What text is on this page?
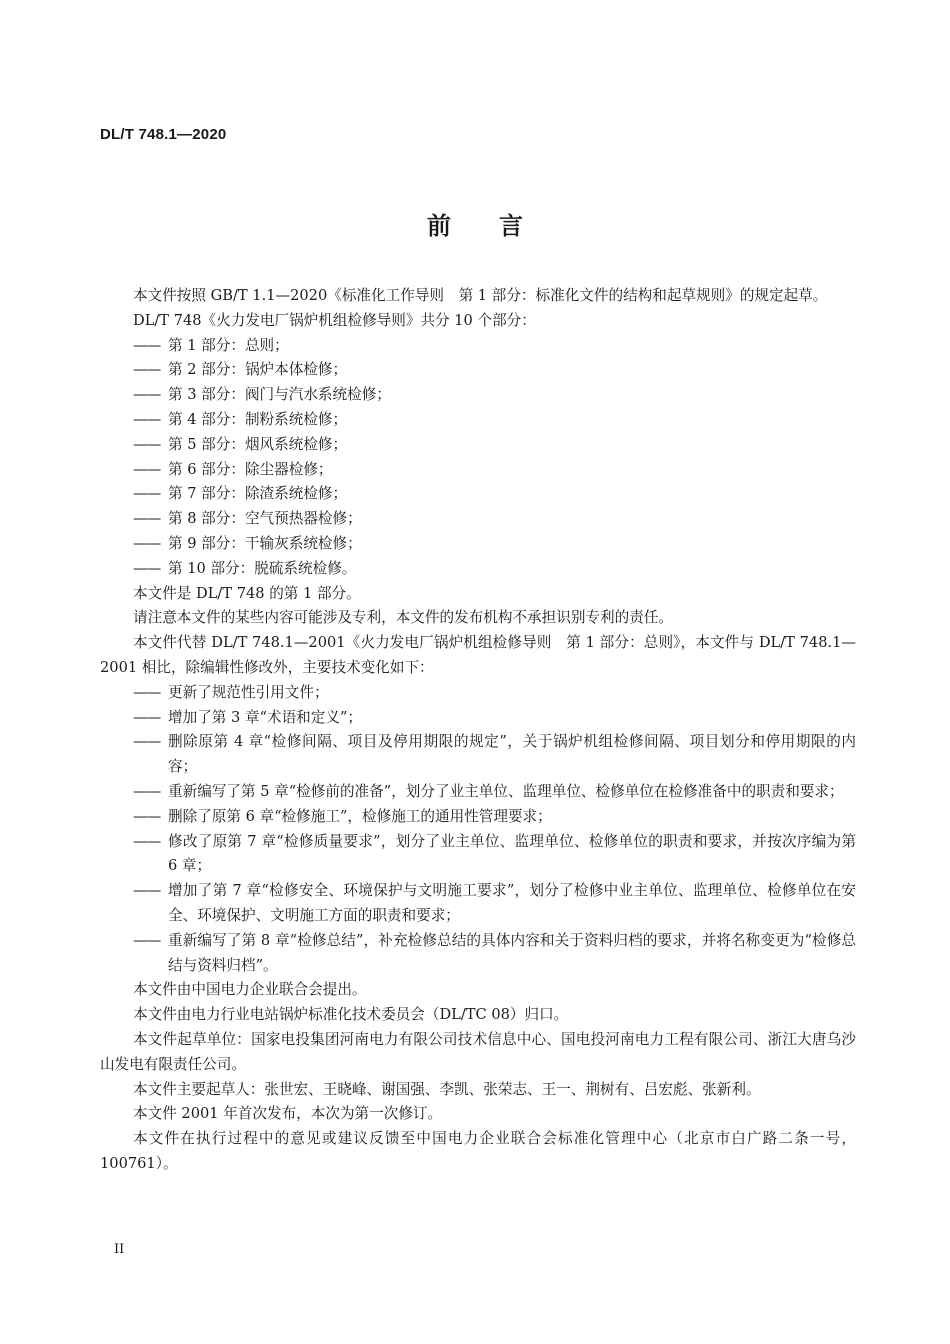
DL/T 748.1—2020
前 言

本文件按照 GB/T 1.1—2020《标准化工作导则　第 1 部分：标准化文件的结构和起草规则》的规定起草。

DL/T 748《火力发电厂锅炉机组检修导则》共分 10 个部分：

—— 第 1 部分：总则；
—— 第 2 部分：锅炉本体检修；
—— 第 3 部分：阀门与汽水系统检修；
—— 第 4 部分：制粉系统检修；
—— 第 5 部分：烟风系统检修；
—— 第 6 部分：除尘器检修；
—— 第 7 部分：除渣系统检修；
—— 第 8 部分：空气预热器检修；
—— 第 9 部分：干输灰系统检修；
—— 第 10 部分：脱硫系统检修。

本文件是 DL/T 748 的第 1 部分。

请注意本文件的某些内容可能涉及专利，本文件的发布机构不承担识别专利的责任。

本文件代替 DL/T 748.1—2001《火力发电厂锅炉机组检修导则　第 1 部分：总则》，本文件与 DL/T 748.1—2001 相比，除编辑性修改外，主要技术变化如下：

—— 更新了规范性引用文件；
—— 增加了第 3 章“术语和定义”；
—— 删除原第 4 章“检修间隔、项目及停用期限的规定”，关于锅炉机组检修间隔、项目划分和停用期限的内容；
—— 重新编写了第 5 章“检修前的准备”，划分了业主单位、监理单位、检修单位在检修准备中的职责和要求；
—— 删除了原第 6 章“检修施工”，检修施工的通用性管理要求；
—— 修改了原第 7 章“检修质量要求”，划分了业主单位、监理单位、检修单位的职责和要求，并按次序编为第 6 章；
—— 增加了第 7 章“检修安全、环境保护与文明施工要求”，划分了检修中业主单位、监理单位、检修单位在安全、环境保护、文明施工方面的职责和要求；
—— 重新编写了第 8 章“检修总结”，补充检修总结的具体内容和关于资料归档的要求，并将名称变更为“检修总结与资料归档”。

本文件由中国电力企业联合会提出。

本文件由电力行业电站锅炉标准化技术委员会（DL/TC 08）归口。

本文件起草单位：国家电投集团河南电力有限公司技术信息中心、国电投河南电力工程有限公司、浙江大唐乌沙山发电有限责任公司。

本文件主要起草人：张世宏、王晓峰、谢国强、李凯、张荣志、王一、荆树有、吕宏彪、张新利。

本文件 2001 年首次发布，本次为第一次修订。

本文件在执行过程中的意见或建议反馈至中国电力企业联合会标准化管理中心（北京市白广路二条一号，100761）。

II
